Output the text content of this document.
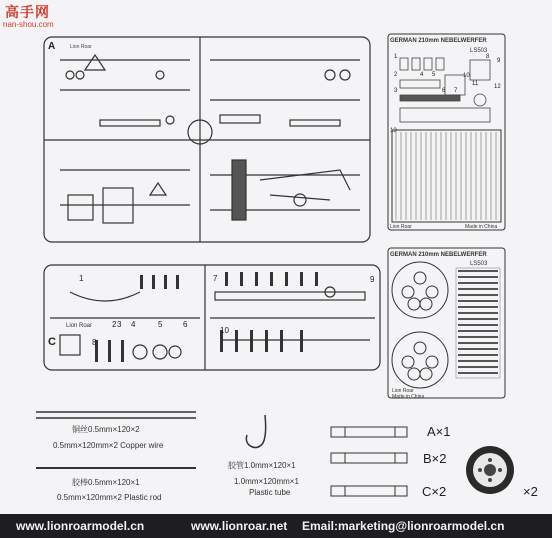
高手网
nan-shou.com
A	Lion Roar
GERMAN 210mm NEBELWERFER
LS503
Lion Roar	Made in China
1
2
3
4 5
6 7
8
9
10
11	12
13
GERMAN 210mm NEBELWERFER
LS503
Lion Roar
Made in China
C
Lion Roar
1
2 3 4	5	6
7
8
9
10
铜丝0.5mm×120×2
0.5mm×120mm×2 Copper wire
胶棒0.5mm×120×1
0.5mm×120mm×2 Plastic rod
胶管1.0mm×120×1
1.0mm×120mm×1
Plastic tube
A×1
B×2
C×2	×2
www.lionroarmodel.cn	www.lionroar.net Email:marketing@lionroarmodel.cn
